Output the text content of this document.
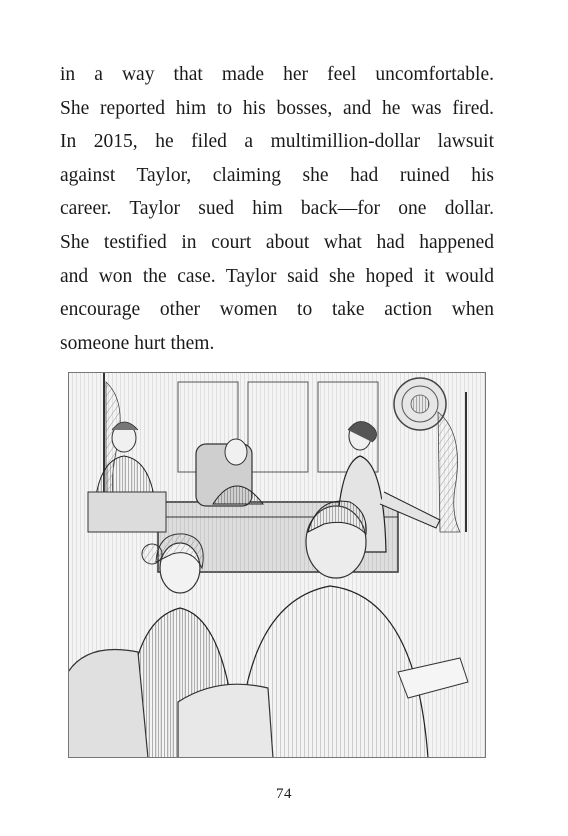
in a way that made her feel uncomfortable.
She reported him to his bosses, and he was fired.
In 2015, he filed a multimillion-dollar lawsuit
against Taylor, claiming she had ruined his
career. Taylor sued him back—for one dollar.
She testified in court about what had happened
and won the case. Taylor said she hoped it would
encourage other women to take action when
someone hurt them.
74
